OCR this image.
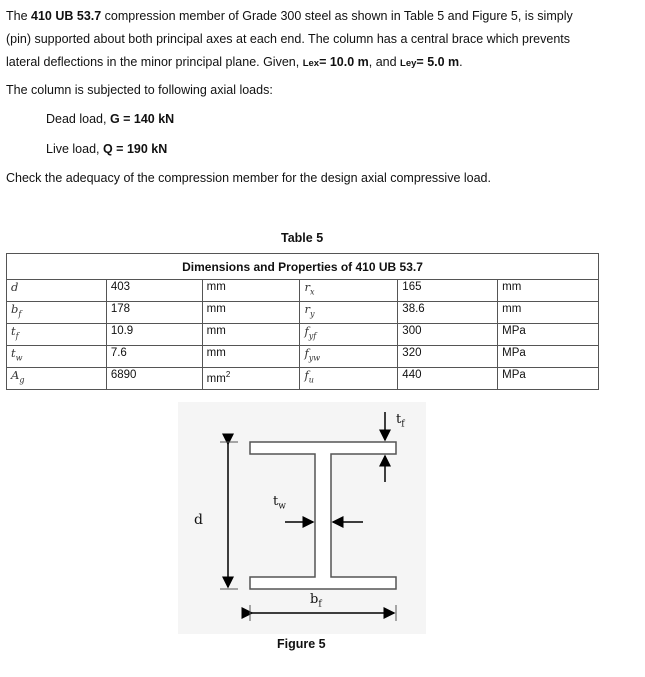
The 410 UB 53.7 compression member of Grade 300 steel as shown in Table 5 and Figure 5, is simply

(pin) supported about both principal axes at each end. The column has a central brace which prevents

lateral deflections in the minor principal plane. Given, Lex= 10.0 m, and Ley= 5.0 m.

The column is subjected to following axial loads:

Dead load, G = 140 kN

Live load, Q = 190 kN

Check the adequacy of the compression member for the design axial compressive load.

Table 5
Dimensions and Properties of 410 UB 53.7					
d	403	mm	$r_x$	165	mm
$b_f$	178	mm	$r_y$	38.6	mm
$t_f$	10.9	mm	$f_{yf}$	300	MPa
$t_w$	7.6	mm	$f_{yw}$	320	MPa
$A_g$	6890	$mm^2$	$f_u$	440	MPa
d
$t_w$
$t_f$
$b_f$
Figure 5
